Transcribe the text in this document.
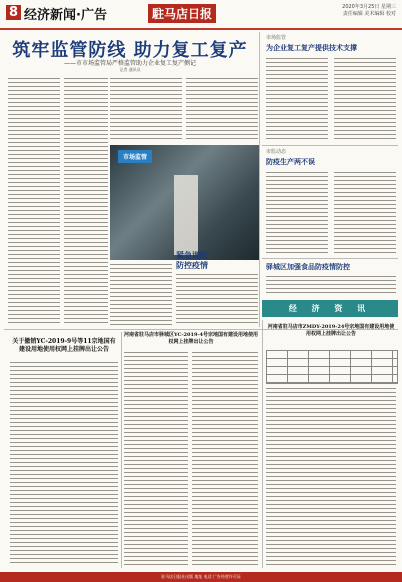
8 经济新闻·广告	駐马店日报	2020年3月25日 星期三
责任编辑 美术编辑 校对
筑牢监管防线 助力复工复产
——市市场监管局严格监管助力企业复工复产侧记
记者 通讯员
市场监管
紧急调配
防控疫情
市场监管
为企业复工复产提供技术支撑
市监动态
防疫生产两不误
驿城区加强食品防疫情防控
经 济 资 讯
关于撤销YC-2019-9号等11宗地国有建设用地使用权网上挂牌出让公告
河南省驻马店市驿城区YC-2019-4号宗地国有建设用地使用权网上挂牌出让公告
河南省驻马店市ZMDY-2019-24号宗地国有建设用地使用权网上挂牌出让公告
驻马店日报社出版 地址 电话 广告经营许可证
